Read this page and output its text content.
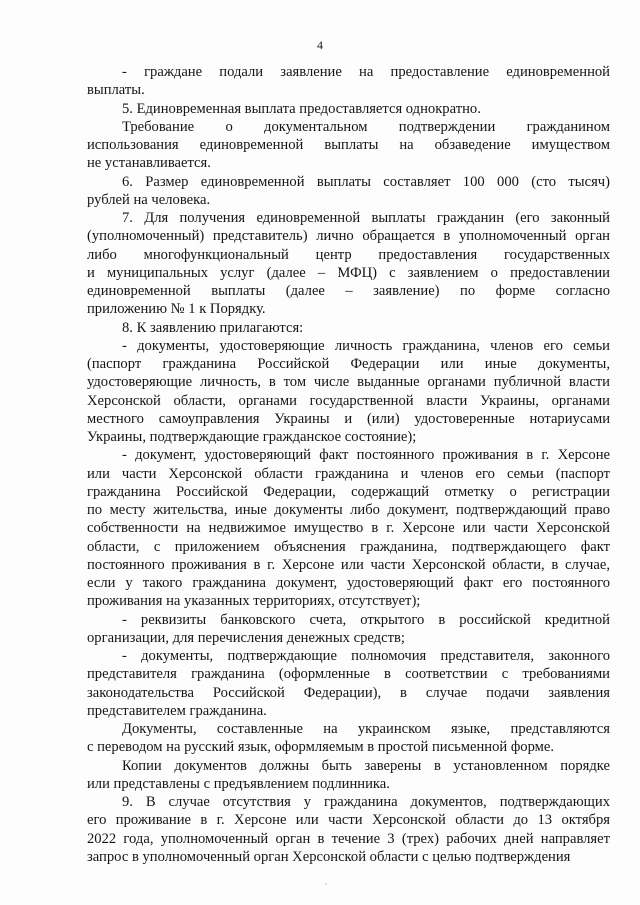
4

- граждане подали заявление на предоставление единовременной
выплаты.

5. Единовременная выплата предоставляется однократно.

Требование о документальном подтверждении гражданином
использования единовременной выплаты на обзаведение имуществом
не устанавливается.

6. Размер единовременной выплаты составляет 100 000 (сто тысяч)
рублей на человека.

7. Для получения единовременной выплаты гражданин (его законный
(уполномоченный) представитель) лично обращается в уполномоченный орган
либо многофункциональный центр предоставления государственных
и муниципальных услуг (далее – МФЦ) с заявлением о предоставлении
единовременной выплаты (далее – заявление) по форме согласно
приложению № 1 к Порядку.

8. К заявлению прилагаются:

- документы, удостоверяющие личность гражданина, членов его семьи
(паспорт гражданина Российской Федерации или иные документы,
удостоверяющие личность, в том числе выданные органами публичной власти
Херсонской области, органами государственной власти Украины, органами
местного самоуправления Украины и (или) удостоверенные нотариусами
Украины, подтверждающие гражданское состояние);

- документ, удостоверяющий факт постоянного проживания в г. Херсоне
или части Херсонской области гражданина и членов его семьи (паспорт
гражданина Российской Федерации, содержащий отметку о регистрации
по месту жительства, иные документы либо документ, подтверждающий право
собственности на недвижимое имущество в г. Херсоне или части Херсонской
области, с приложением объяснения гражданина, подтверждающего факт
постоянного проживания в г. Херсоне или части Херсонской области, в случае,
если у такого гражданина документ, удостоверяющий факт его постоянного
проживания на указанных территориях, отсутствует);

- реквизиты банковского счета, открытого в российской кредитной
организации, для перечисления денежных средств;

- документы, подтверждающие полномочия представителя, законного
представителя гражданина (оформленные в соответствии с требованиями
законодательства Российской Федерации), в случае подачи заявления
представителем гражданина.

Документы, составленные на украинском языке, представляются
с переводом на русский язык, оформляемым в простой письменной форме.

Копии документов должны быть заверены в установленном порядке
или представлены с предъявлением подлинника.

9. В случае отсутствия у гражданина документов, подтверждающих
его проживание в г. Херсоне или части Херсонской области до 13 октября
2022 года, уполномоченный орган в течение 3 (трех) рабочих дней направляет
запрос в уполномоченный орган Херсонской области с целью подтверждения

,
